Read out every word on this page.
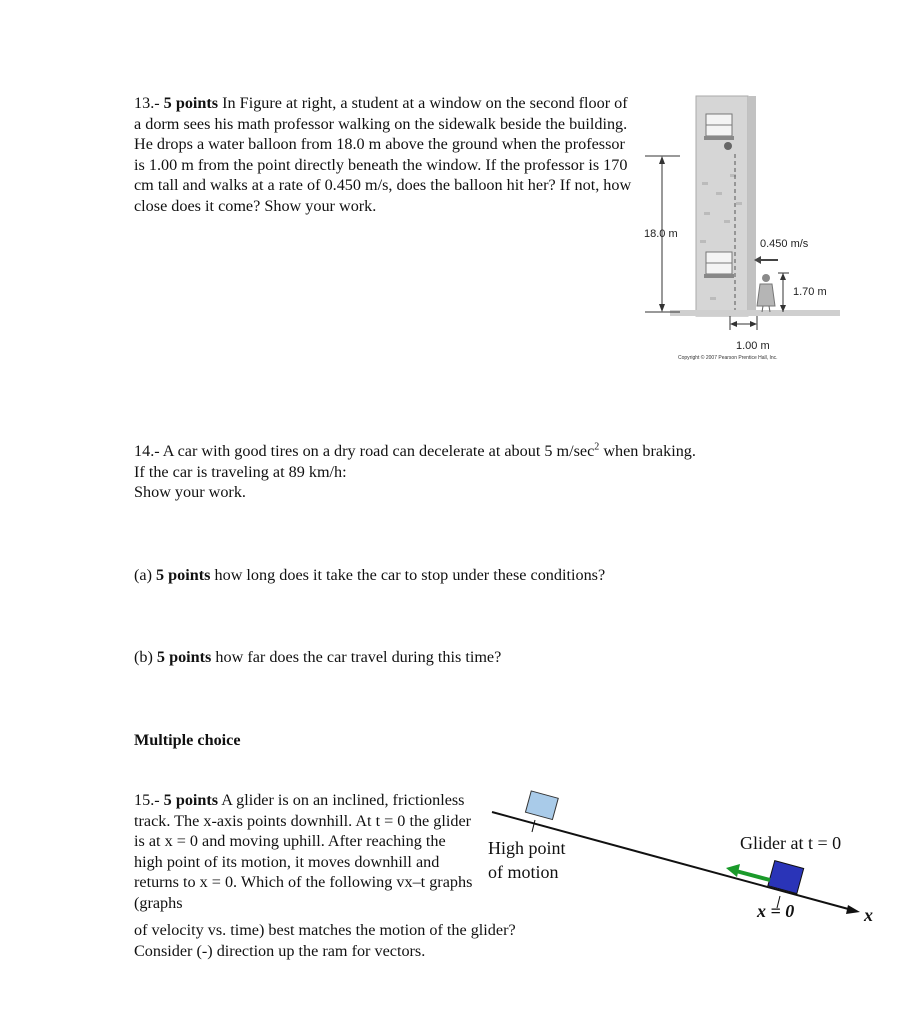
13.- 5 points In Figure at right, a student at a window on the second floor of a dorm sees his math professor walking on the sidewalk beside the building. He drops a water balloon from 18.0 m above the ground when the professor is 1.00 m from the point directly beneath the window. If the professor is 170 cm tall and walks at a rate of 0.450 m/s, does the balloon hit her? If not, how close does it come? Show your work.
18.0 m
0.450 m/s
1.70 m
1.00 m
Copyright © 2007 Pearson Prentice Hall, Inc.
14.- A car with good tires on a dry road can decelerate at about 5 $m/\sec^2$ when braking.
If the car is traveling at 89 km/h:
Show your work.
(a) 5 points how long does it take the car to stop under these conditions?
(b) 5 points how far does the car travel during this time?
Multiple choice
15.- 5 points A glider is on an inclined, frictionless track. The x-axis points downhill. At t = 0 the glider is at x = 0 and moving uphill. After reaching the high point of its motion, it moves downhill and returns to x = 0. Which of the following vx–t graphs (graphs
of velocity vs. time) best matches the motion of the glider? Consider (-) direction up the ram for vectors.
High point
of motion
Glider at t = 0
x = 0	x
